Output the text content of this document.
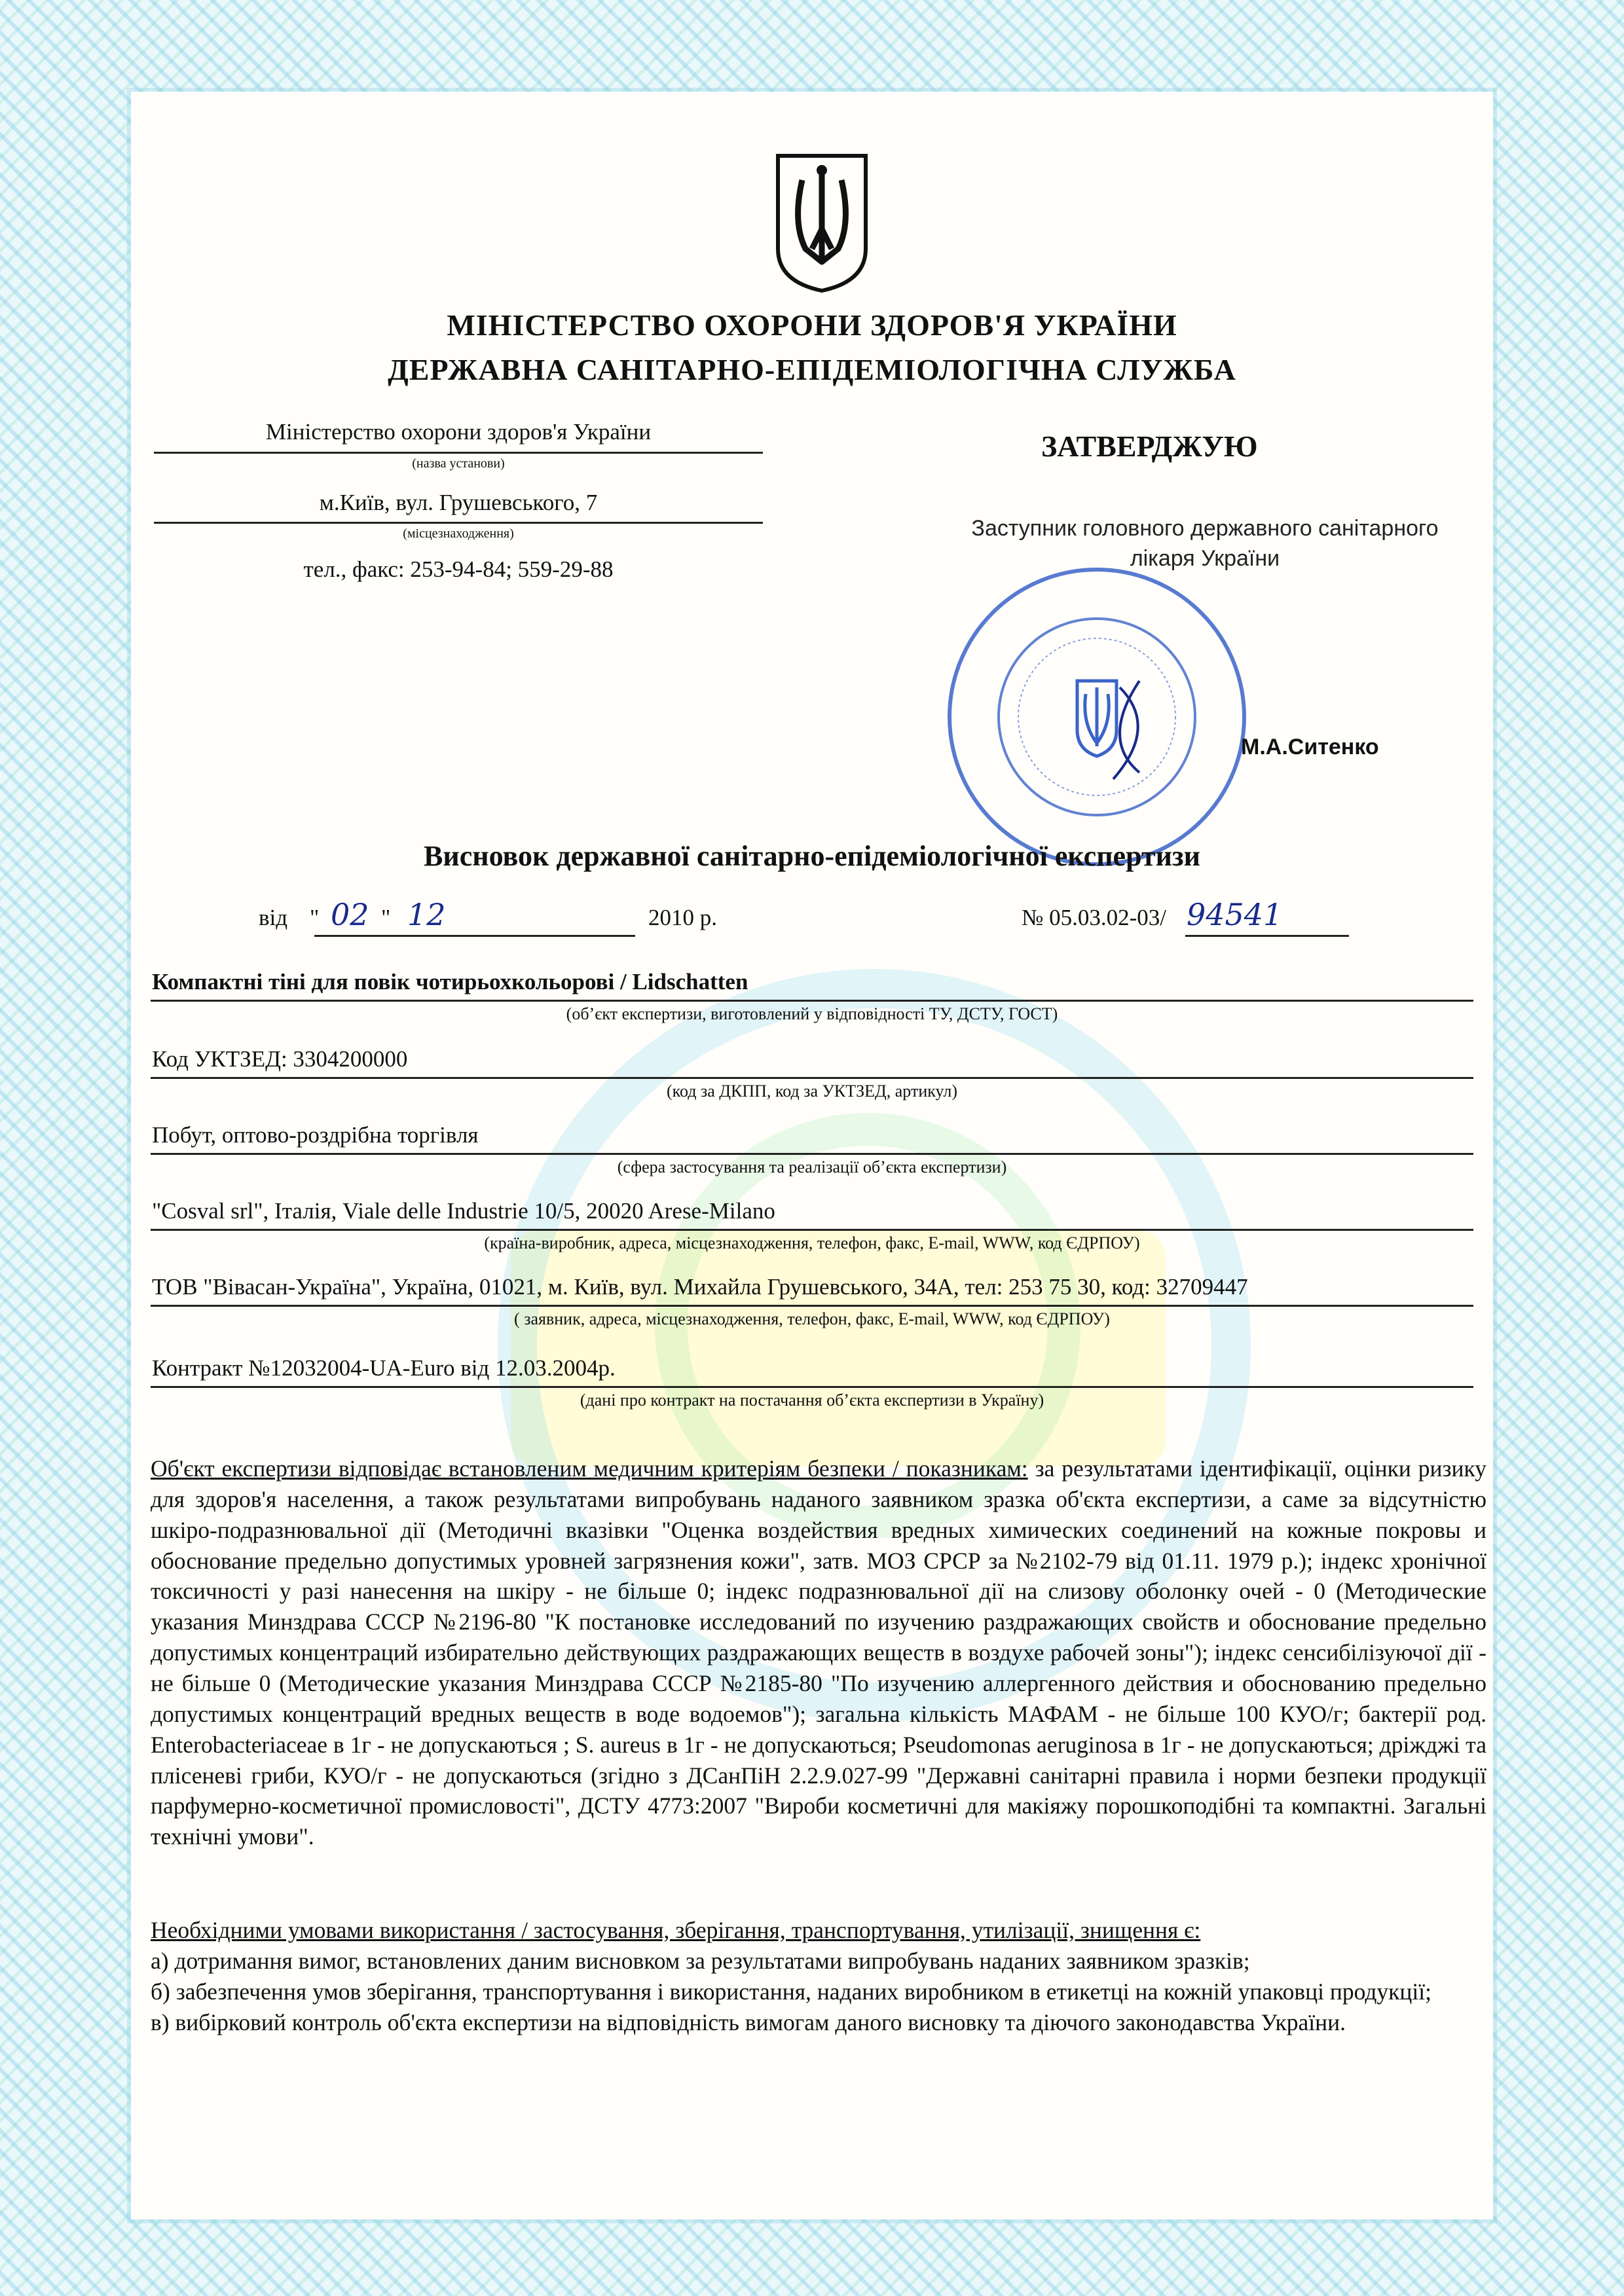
МІНІСТЕРСТВО ОХОРОНИ ЗДОРОВ'Я УКРАЇНИ
ДЕРЖАВНА САНІТАРНО-ЕПІДЕМІОЛОГІЧНА СЛУЖБА
Міністерство охорони здоров'я України
(назва установи)
м.Київ, вул. Грушевського, 7
(місцезнаходження)
тел., факс: 253-94-84; 559-29-88
ЗАТВЕРДЖУЮ
Заступник головного державного санітарного лікаря України
М.А.Ситенко
Висновок державної санітарно-епідеміологічної експертизи
від " 02 " 12	2010 р.	№ 05.03.02-03/ 94541
Компактні тіні для повік чотирьохкольорові / Lidschatten
(об’єкт експертизи, виготовлений у відповідності ТУ, ДСТУ, ГОСТ)
Код УКТЗЕД: 3304200000
(код за ДКПП, код за УКТЗЕД, артикул)
Побут, оптово-роздрібна торгівля
(сфера застосування та реалізації об’єкта експертизи)
"Cosval srl", Італія, Viale delle Industrie 10/5, 20020 Arese-Milano
(країна-виробник, адреса, місцезнаходження, телефон, факс, E-mail, WWW, код ЄДРПОУ)
ТОВ "Вівасан-Україна", Україна, 01021, м. Київ, вул. Михайла Грушевського, 34А, тел: 253 75 30, код: 32709447
( заявник, адреса, місцезнаходження, телефон, факс, E-mail, WWW, код ЄДРПОУ)
Контракт №12032004-UA-Euro від 12.03.2004р.
(дані про контракт на постачання об’єкта експертизи в Україну)
Об'єкт експертизи відповідає встановленим медичним критеріям безпеки / показникам: за результатами ідентифікації, оцінки ризику для здоров'я населення, а також результатами випробувань наданого заявником зразка об'єкта експертизи, а саме за відсутністю шкіро-подразнювальної дії (Методичні вказівки "Оценка воздействия вредных химических соединений на кожные покровы и обоснование предельно допустимых уровней загрязнения кожи", затв. МОЗ СРСР за №2102-79 від 01.11. 1979 р.); індекс хронічної токсичності у разі нанесення на шкіру - не більше 0; індекс подразнювальної дії на слизову оболонку очей - 0 (Методические указания Минздрава СССР №2196-80 "К постановке исследований по изучению раздражающих свойств и обоснование предельно допустимых концентраций избирательно действующих раздражающих веществ в воздухе рабочей зоны"); індекс сенсибілізуючої дії - не більше 0 (Методические указания Минздрава СССР №2185-80 "По изучению аллергенного действия и обоснованию предельно допустимых концентраций вредных веществ в воде водоемов"); загальна кількість МАФАМ - не більше 100 КУО/г; бактерії род. Enterobacteriaceae в 1г - не допускаються ; S. aureus в 1г - не допускаються; Pseudomonas aeruginosa в 1г - не допускаються; дріжджі та плісеневі гриби, КУО/г - не допускаються (згідно з ДСанПіН 2.2.9.027-99 "Державні санітарні правила і норми безпеки продукції парфумерно-косметичної промисловості", ДСТУ 4773:2007 "Вироби косметичні для макіяжу порошкоподібні та компактні. Загальні технічні умови".
Необхідними умовами використання / застосування, зберігання, транспортування, утилізації, знищення є:
а) дотримання вимог, встановлених даним висновком за результатами випробувань наданих заявником зразків;
б) забезпечення умов зберігання, транспортування і використання, наданих виробником в етикетці на кожній упаковці продукції;
в) вибірковий контроль об'єкта експертизи на відповідність вимогам даного висновку та діючого законодавства України.
